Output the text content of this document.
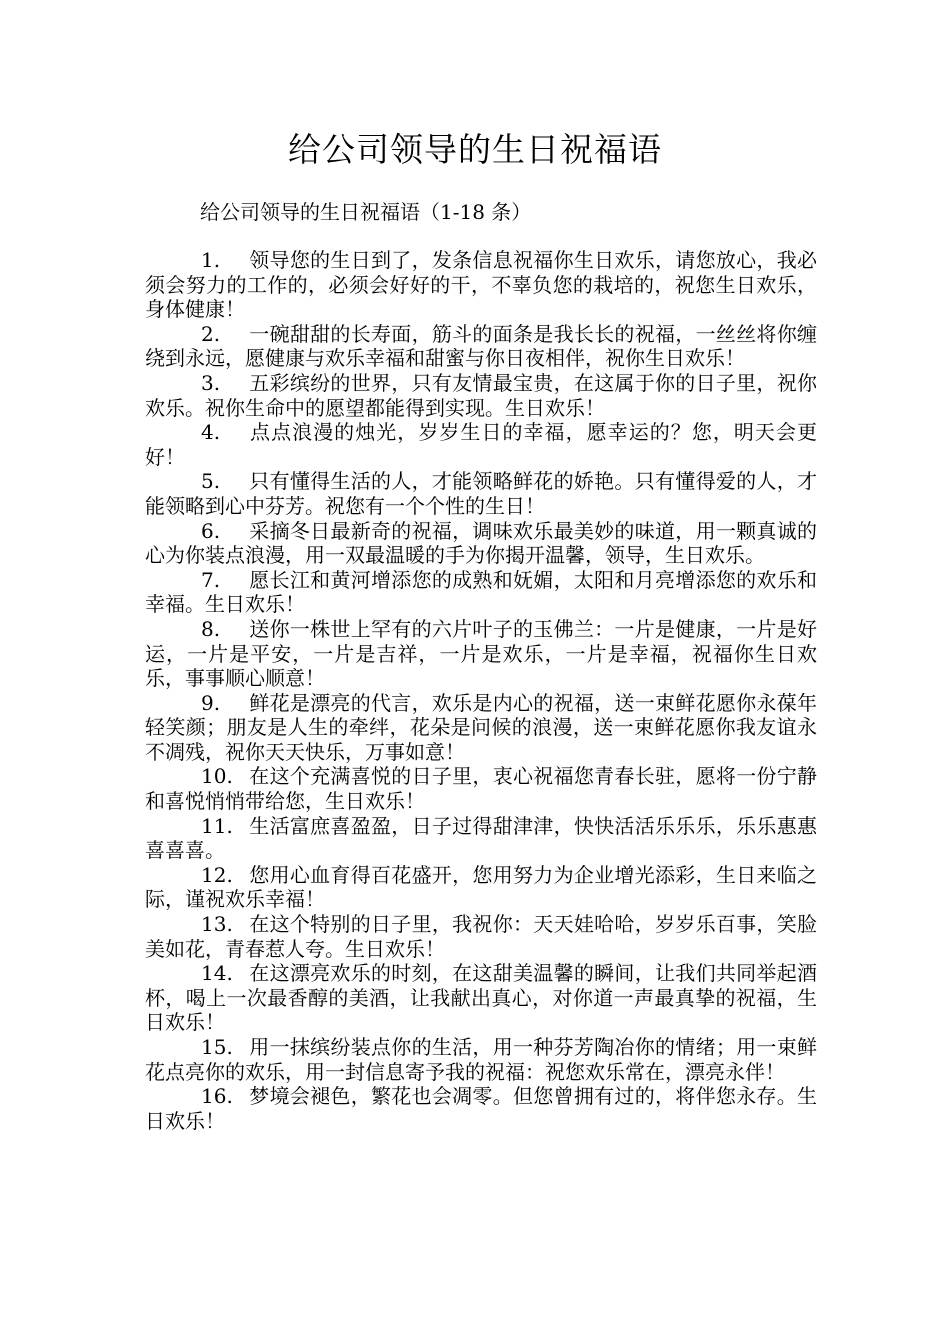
给公司领导的生日祝福语
给公司领导的生日祝福语（1-18 条）

1. 领导您的生日到了，发条信息祝福你生日欢乐，请您放心，我必须会努力的工作的，必须会好好的干，不辜负您的栽培的，祝您生日欢乐，身体健康！

2. 一碗甜甜的长寿面，筋斗的面条是我长长的祝福，一丝丝将你缠绕到永远，愿健康与欢乐幸福和甜蜜与你日夜相伴，祝你生日欢乐！

3. 五彩缤纷的世界，只有友情最宝贵，在这属于你的日子里，祝你欢乐。祝你生命中的愿望都能得到实现。生日欢乐！

4. 点点浪漫的烛光，岁岁生日的幸福，愿幸运的？您，明天会更好！

5. 只有懂得生活的人，才能领略鲜花的娇艳。只有懂得爱的人，才能领略到心中芬芳。祝您有一个个性的生日！

6. 采摘冬日最新奇的祝福，调味欢乐最美妙的味道，用一颗真诚的心为你装点浪漫，用一双最温暖的手为你揭开温馨，领导，生日欢乐。

7. 愿长江和黄河增添您的成熟和妩媚，太阳和月亮增添您的欢乐和幸福。生日欢乐！

8. 送你一株世上罕有的六片叶子的玉佛兰：一片是健康，一片是好运，一片是平安，一片是吉祥，一片是欢乐，一片是幸福，祝福你生日欢乐，事事顺心顺意！

9. 鲜花是漂亮的代言，欢乐是内心的祝福，送一束鲜花愿你永葆年轻笑颜；朋友是人生的牵绊，花朵是问候的浪漫，送一束鲜花愿你我友谊永不凋残，祝你天天快乐，万事如意！

10. 在这个充满喜悦的日子里，衷心祝福您青春长驻，愿将一份宁静和喜悦悄悄带给您，生日欢乐！

11. 生活富庶喜盈盈，日子过得甜津津，快快活活乐乐乐，乐乐惠惠喜喜喜。

12. 您用心血育得百花盛开，您用努力为企业增光添彩，生日来临之际，谨祝欢乐幸福！

13. 在这个特别的日子里，我祝你：天天娃哈哈，岁岁乐百事，笑脸美如花，青春惹人夸。生日欢乐！

14. 在这漂亮欢乐的时刻，在这甜美温馨的瞬间，让我们共同举起酒杯，喝上一次最香醇的美酒，让我献出真心，对你道一声最真挚的祝福，生日欢乐！

15. 用一抹缤纷装点你的生活，用一种芬芳陶冶你的情绪；用一束鲜花点亮你的欢乐，用一封信息寄予我的祝福：祝您欢乐常在，漂亮永伴！

16. 梦境会褪色，繁花也会凋零。但您曾拥有过的，将伴您永存。生日欢乐！
